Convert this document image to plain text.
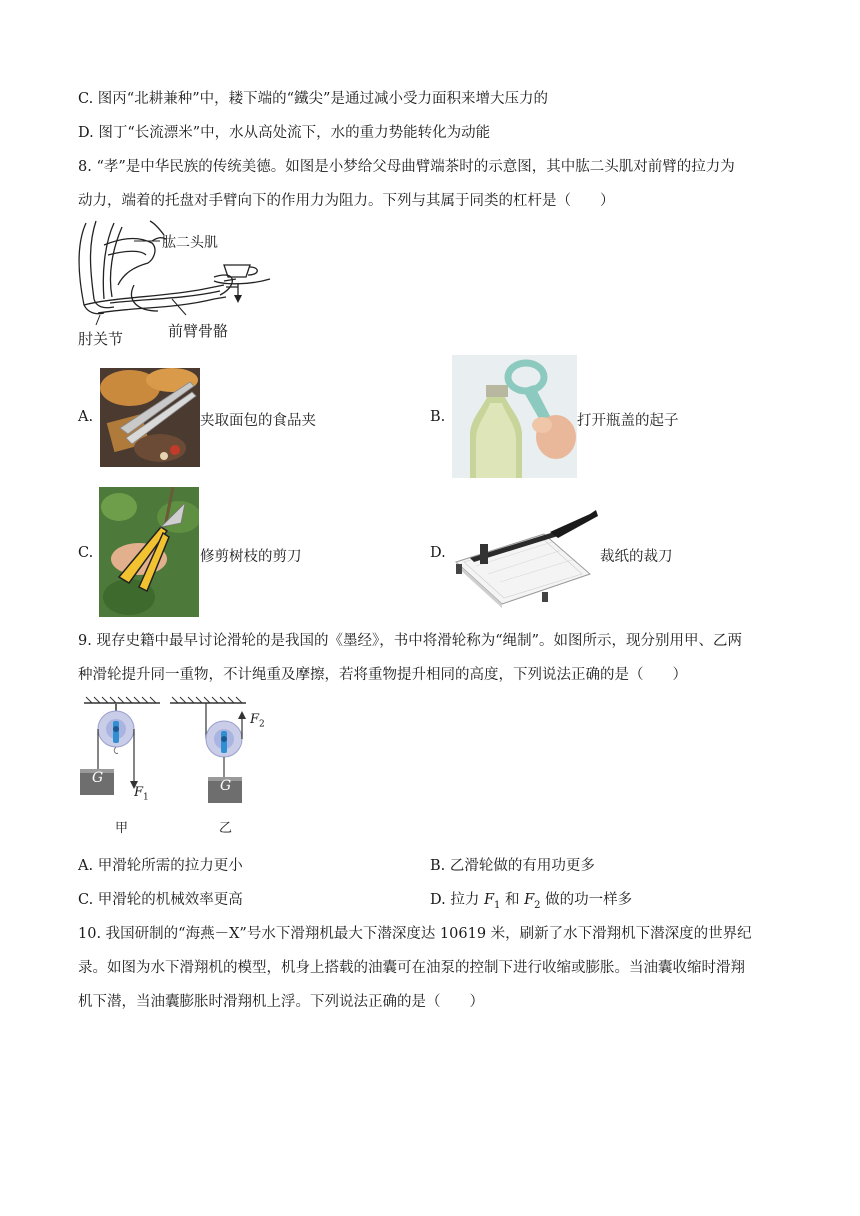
C. 图丙“北耕兼种”中，耧下端的“鐵尖”是通过减小受力面积来增大压力的
D. 图丁“长流漂米”中，水从高处流下，水的重力势能转化为动能
8. “孝”是中华民族的传统美德。如图是小梦给父母曲臂端茶时的示意图，其中肱二头肌对前臂的拉力为
动力，端着的托盘对手臂向下的作用力为阻力。下列与其属于同类的杠杆是（　　）
肱二头肌
肘关节	前臂骨骼
A.	夹取面包的食品夹	B.	打开瓶盖的起子
C.	修剪树枝的剪刀	D.	裁纸的裁刀
9. 现存史籍中最早讨论滑轮的是我国的《墨经》，书中将滑轮称为“绳制”。如图所示，现分别用甲、乙两
种滑轮提升同一重物，不计绳重及摩擦，若将重物提升相同的高度，下列说法正确的是（　　）
G	G
$F_1$
$F_2$
甲	乙
A. 甲滑轮所需的拉力更小	B. 乙滑轮做的有用功更多
C. 甲滑轮的机械效率更高	D. 拉力 $F_1$ 和 $F_2$ 做的功一样多
10. 我国研制的“海燕－X”号水下滑翔机最大下潜深度达 10619 米，刷新了水下滑翔机下潜深度的世界纪
录。如图为水下滑翔机的模型，机身上搭载的油囊可在油泵的控制下进行收缩或膨胀。当油囊收缩时滑翔
机下潜，当油囊膨胀时滑翔机上浮。下列说法正确的是（　　）
